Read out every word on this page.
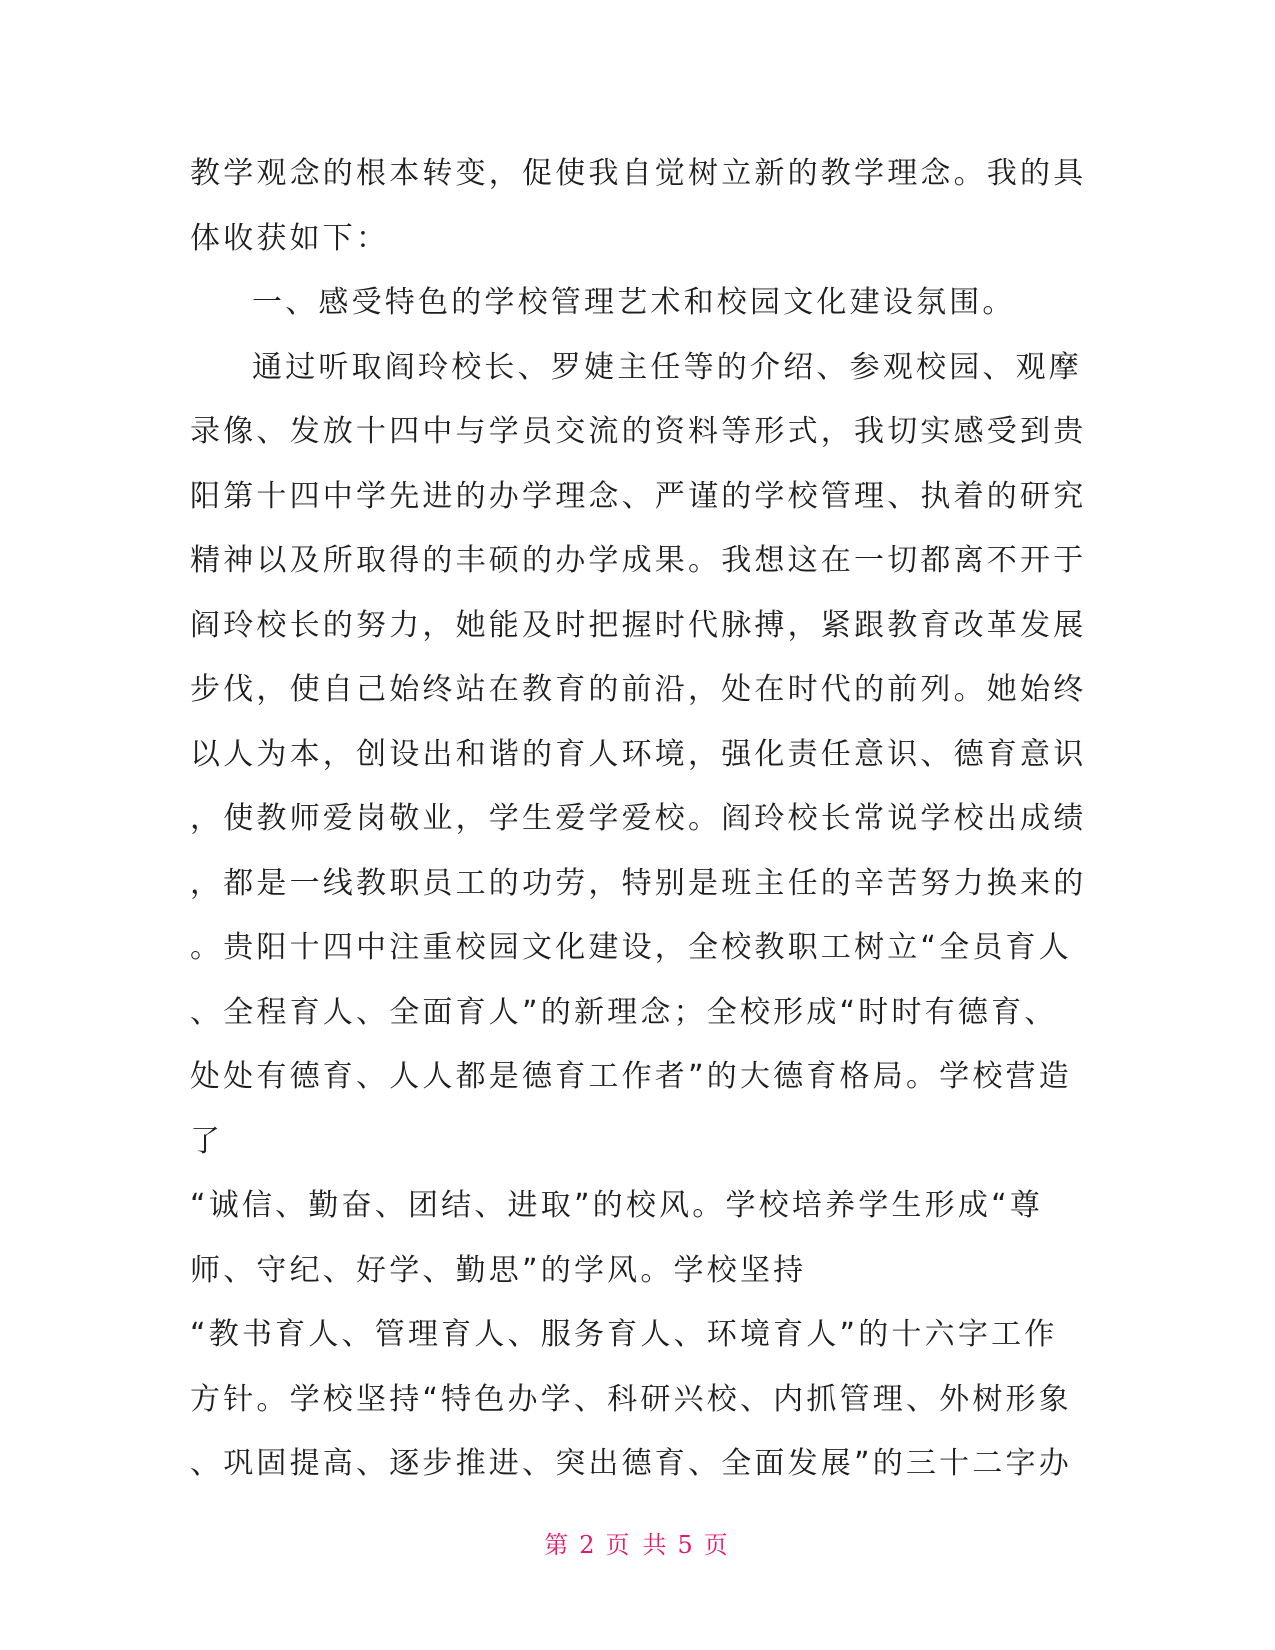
教学观念的根本转变，促使我自觉树立新的教学理念。我的具
体收获如下：
一、感受特色的学校管理艺术和校园文化建设氛围。
通过听取阎玲校长、罗婕主任等的介绍、参观校园、观摩
录像、发放十四中与学员交流的资料等形式，我切实感受到贵
阳第十四中学先进的办学理念、严谨的学校管理、执着的研究
精神以及所取得的丰硕的办学成果。我想这在一切都离不开于
阎玲校长的努力，她能及时把握时代脉搏，紧跟教育改革发展
步伐，使自己始终站在教育的前沿，处在时代的前列。她始终
以人为本，创设出和谐的育人环境，强化责任意识、德育意识
，使教师爱岗敬业，学生爱学爱校。阎玲校长常说学校出成绩
，都是一线教职员工的功劳，特别是班主任的辛苦努力换来的
。贵阳十四中注重校园文化建设，全校教职工树立“全员育人
、全程育人、全面育人”的新理念；全校形成“时时有德育、
处处有德育、人人都是德育工作者”的大德育格局。学校营造
了
“诚信、勤奋、团结、进取”的校风。学校培养学生形成“尊
师、守纪、好学、勤思”的学风。学校坚持
“教书育人、管理育人、服务育人、环境育人”的十六字工作
方针。学校坚持“特色办学、科研兴校、内抓管理、外树形象
、巩固提高、逐步推进、突出德育、全面发展”的三十二字办
第 2 页 共 5 页
